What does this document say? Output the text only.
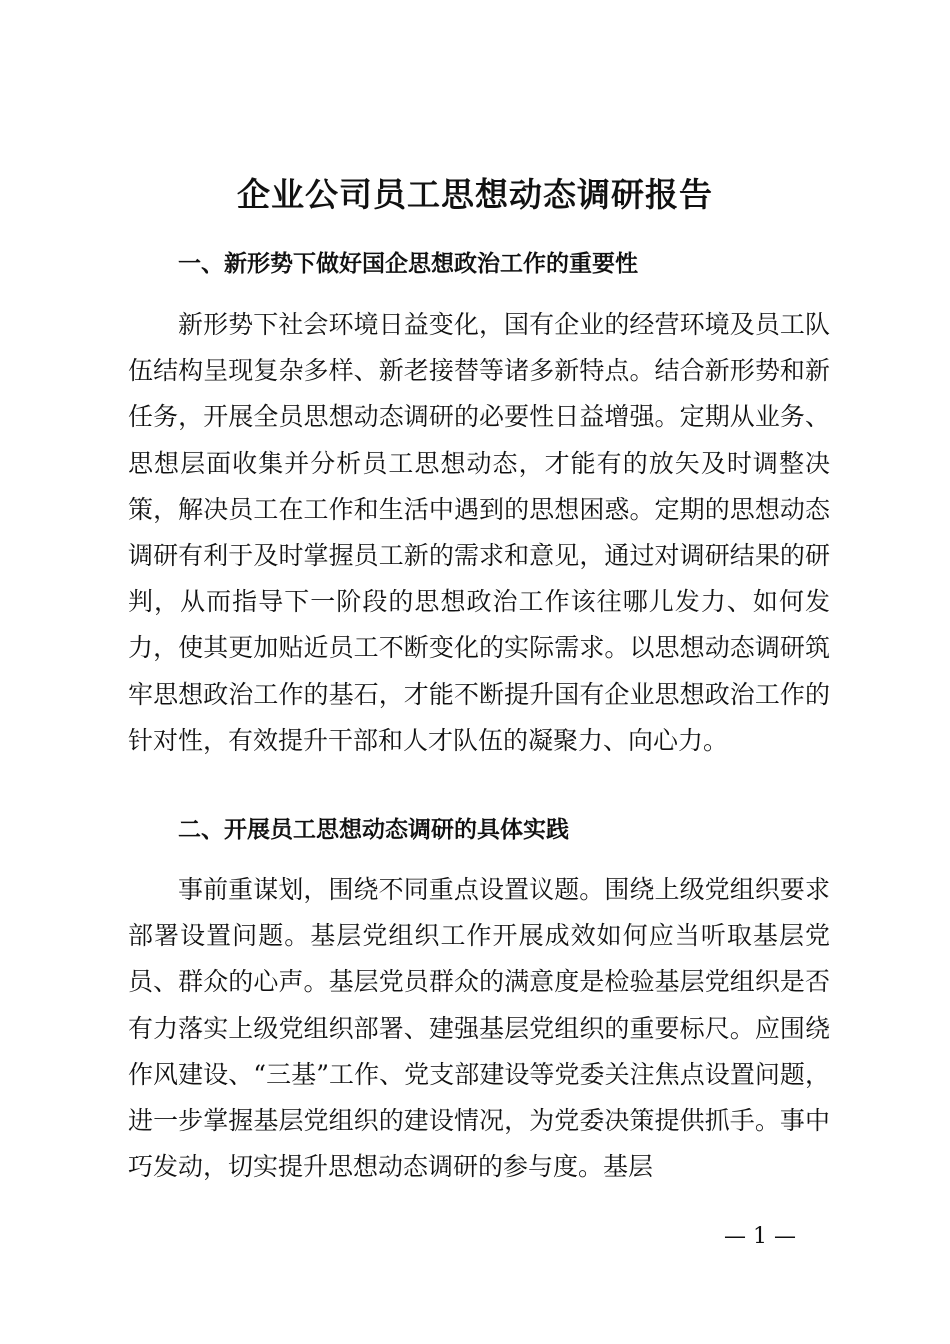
企业公司员工思想动态调研报告
一、新形势下做好国企思想政治工作的重要性

新形势下社会环境日益变化，国有企业的经营环境及员工队伍结构呈现复杂多样、新老接替等诸多新特点。结合新形势和新任务，开展全员思想动态调研的必要性日益增强。定期从业务、思想层面收集并分析员工思想动态，才能有的放矢及时调整决策，解决员工在工作和生活中遇到的思想困惑。定期的思想动态调研有利于及时掌握员工新的需求和意见，通过对调研结果的研判，从而指导下一阶段的思想政治工作该往哪儿发力、如何发力，使其更加贴近员工不断变化的实际需求。以思想动态调研筑牢思想政治工作的基石，才能不断提升国有企业思想政治工作的针对性，有效提升干部和人才队伍的凝聚力、向心力。

二、开展员工思想动态调研的具体实践

事前重谋划，围绕不同重点设置议题。围绕上级党组织要求部署设置问题。基层党组织工作开展成效如何应当听取基层党员、群众的心声。基层党员群众的满意度是检验基层党组织是否有力落实上级党组织部署、建强基层党组织的重要标尺。应围绕作风建设、“三基”工作、党支部建设等党委关注焦点设置问题，进一步掌握基层党组织的建设情况，为党委决策提供抓手。事中巧发动，切实提升思想动态调研的参与度。基层

— 1 —
